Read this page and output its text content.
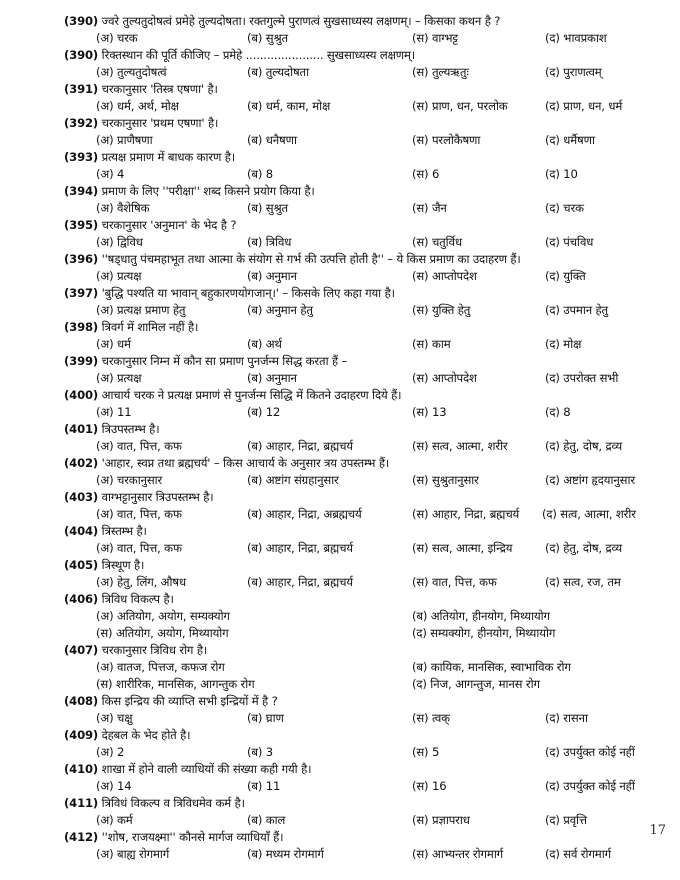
(390) ज्वरे तुल्यतुदोषत्वं प्रमेहे तुल्यदोषता। रक्तगुल्मे पुराणत्वं सुखसाध्यस्य लक्षणम्। – किसका कथन है ?
(अ) चरक	(ब) सुश्रुत	(स) वाग्भट्ट	(द) भावप्रकाश
(390) रिक्तस्थान की पूर्ति कीजिए – प्रमेहे ...................... सुखसाध्यस्य लक्षणम्।
(अ) तुल्यतुदोषत्वं	(ब) तुल्यदोषता	(स) तुल्यऋतुः	(द) पुराणत्वम्
(391) चरकानुसार 'तिस्त्र एषणा' है।
(अ) धर्म, अर्थ, मोक्ष	(ब) धर्म, काम, मोक्ष	(स) प्राण, धन, परलोक	(द) प्राण, धन, धर्म
(392) चरकानुसार 'प्रथम एषणा' है।
(अ) प्राणैषणा	(ब) धनैषणा	(स) परलोकैषणा	(द) धर्मैषणा
(393) प्रत्यक्ष प्रमाण में बाधक कारण है।
(अ) 4	(ब) 8	(स) 6	(द) 10
(394) प्रमाण के लिए ''परीक्षा'' शब्द किसने प्रयोग किया है।
(अ) वैशेषिक	(ब) सुश्रुत	(स) जैन	(द) चरक
(395) चरकानुसार 'अनुमान' के भेद है ?
(अ) द्विविध	(ब) त्रिविध	(स) चतुर्विध	(द) पंचविध
(396) ''षड्धातु पंचमहाभूत तथा आत्मा के संयोग से गर्भ की उत्पत्ति होती है'' – ये किस प्रमाण का उदाहरण हैं।
(अ) प्रत्यक्ष	(ब) अनुमान	(स) आप्तोपदेश	(द) युक्ति
(397) 'बुद्धि पश्यति या भावान् बहुकारणयोगजान्।' – किसके लिए कहा गया है।
(अ) प्रत्यक्ष प्रमाण हेतु	(ब) अनुमान हेतु	(स) युक्ति हेतु	(द) उपमान हेतु
(398) त्रिवर्ग में शामिल नहीं है।
(अ) धर्म	(ब) अर्थ	(स) काम	(द) मोक्ष
(399) चरकानुसार निम्न में कौन सा प्रमाण पुनर्जन्म सिद्ध करता हैं –
(अ) प्रत्यक्ष	(ब) अनुमान	(स) आप्तोपदेश	(द) उपरोक्त सभी
(400) आचार्य चरक ने प्रत्यक्ष प्रमाणं से पुनर्जन्म सिद्धि में कितने उदाहरण दिये हैं।
(अ) 11	(ब) 12	(स) 13	(द) 8
(401) त्रिउपस्तम्भ है।
(अ) वात, पित्त, कफ	(ब) आहार, निद्रा, ब्रह्मचर्य	(स) सत्व, आत्मा, शरीर	(द) हेतु, दोष, द्रव्य
(402) 'आहार, स्वप्न तथा ब्रह्मचर्य' – किस आचार्य के अनुसार त्रय उपस्तम्भ हैं।
(अ) चरकानुसार	(ब) अष्टांग संग्रहानुसार	(स) सुश्रुतानुसार	(द) अष्टांग हृदयानुसार
(403) वाग्भट्टानुसार त्रिउपस्तम्भ है।
(अ) वात, पित्त, कफ	(ब) आहार, निद्रा, अब्रह्मचर्य	(स) आहार, निद्रा, ब्रह्मचर्य (द) सत्व, आत्मा, शरीर
(404) त्रिस्तम्भ है।
(अ) वात, पित्त, कफ	(ब) आहार, निद्रा, ब्रह्मचर्य	(स) सत्व, आत्मा, इन्द्रिय	(द) हेतु, दोष, द्रव्य
(405) त्रिस्थूण है।
(अ) हेतु, लिंग, औषध	(ब) आहार, निद्रा, ब्रह्मचर्य	(स) वात, पित्त, कफ	(द) सत्व, रज, तम
(406) त्रिविध विकल्प है।
(अ) अतियोग, अयोग, सम्यक्योग	(ब) अतियोग, हीनयोग, मिथ्यायोग
(स) अतियोग, अयोग, मिथ्यायोग	(द) सम्यक्योग, हीनयोग, मिथ्यायोग
(407) चरकानुसार त्रिविध रोग है।
(अ) वातज, पित्तज, कफज रोग	(ब) कायिक, मानसिक, स्वाभाविक रोग
(स) शारीरिक, मानसिक, आगन्तुक रोग	(द) निज, आगन्तुज, मानस रोग
(408) किस इन्द्रिय की व्याप्ति सभी इन्द्रियों में है ?
(अ) चक्षु	(ब) घ्राण	(स) त्वक्	(द) रासना
(409) देहबल के भेद होते है।
(अ) 2	(ब) 3	(स) 5	(द) उपर्युक्त कोई नहीं
(410) शाखा में होने वाली व्याधियों की संख्या कही गयी है।
(अ) 14	(ब) 11	(स) 16	(द) उपर्युक्त कोई नहीं
(411) त्रिविधं विकल्प व त्रिविधमेव कर्म है।
(अ) कर्म	(ब) काल	(स) प्रज्ञापराध	(द) प्रवृत्ति
(412) ''शोष, राजयक्ष्मा'' कौनसे मार्गज व्याधियाँ हैं।
(अ) बाह्य रोगमार्ग	(ब) मध्यम रोगमार्ग	(स) आभ्यन्तर रोगमार्ग	(द) सर्व रोगमार्ग
17
